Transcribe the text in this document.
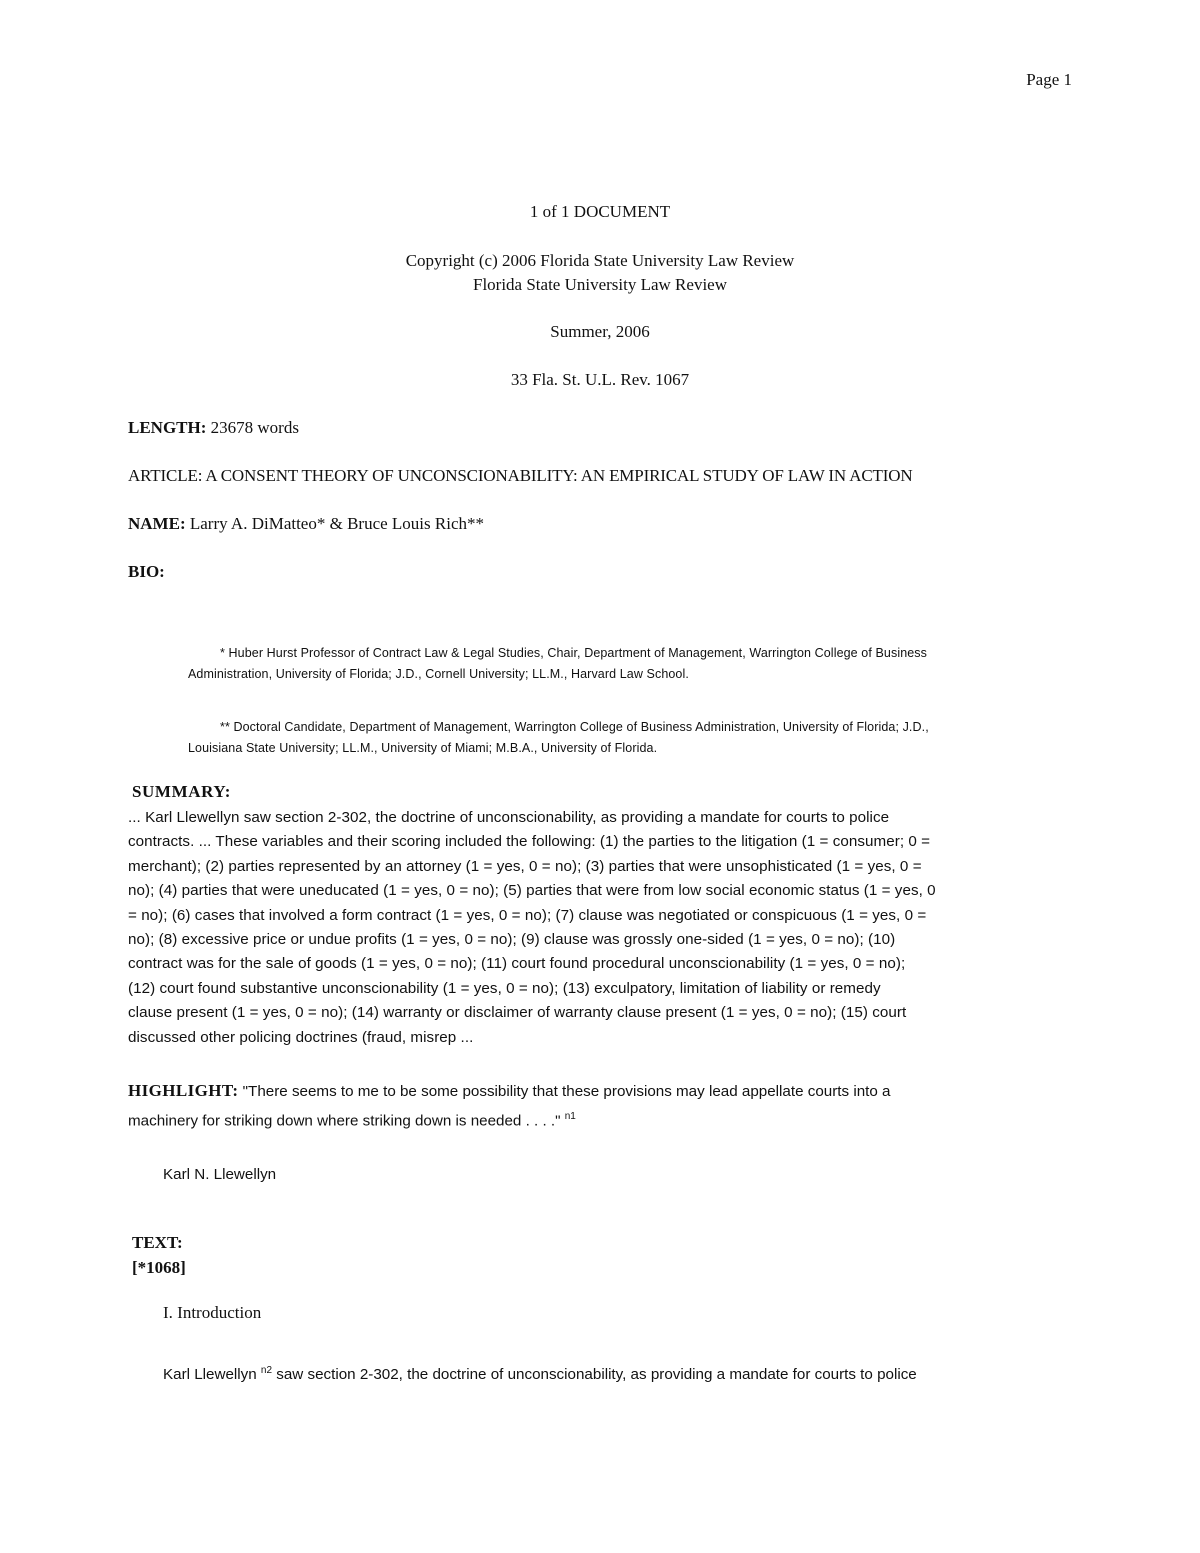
Page 1
1 of 1 DOCUMENT
Copyright (c) 2006 Florida State University Law Review
Florida State University Law Review
Summer, 2006
33 Fla. St. U.L. Rev. 1067
LENGTH: 23678 words
ARTICLE: A CONSENT THEORY OF UNCONSCIONABILITY: AN EMPIRICAL STUDY OF LAW IN ACTION
NAME: Larry A. DiMatteo* & Bruce Louis Rich**
BIO:
* Huber Hurst Professor of Contract Law & Legal Studies, Chair, Department of Management, Warrington College of Business
Administration, University of Florida; J.D., Cornell University; LL.M., Harvard Law School.
** Doctoral Candidate, Department of Management, Warrington College of Business Administration, University of Florida; J.D.,
Louisiana State University; LL.M., University of Miami; M.B.A., University of Florida.
SUMMARY:
... Karl Llewellyn saw section 2-302, the doctrine of unconscionability, as providing a mandate for courts to police
contracts. ... These variables and their scoring included the following: (1) the parties to the litigation (1 = consumer; 0 =
merchant); (2) parties represented by an attorney (1 = yes, 0 = no); (3) parties that were unsophisticated (1 = yes, 0 =
no); (4) parties that were uneducated (1 = yes, 0 = no); (5) parties that were from low social economic status (1 = yes, 0
= no); (6) cases that involved a form contract (1 = yes, 0 = no); (7) clause was negotiated or conspicuous (1 = yes, 0 =
no); (8) excessive price or undue profits (1 = yes, 0 = no); (9) clause was grossly one-sided (1 = yes, 0 = no); (10)
contract was for the sale of goods (1 = yes, 0 = no); (11) court found procedural unconscionability (1 = yes, 0 = no);
(12) court found substantive unconscionability (1 = yes, 0 = no); (13) exculpatory, limitation of liability or remedy
clause present (1 = yes, 0 = no); (14) warranty or disclaimer of warranty clause present (1 = yes, 0 = no); (15) court
discussed other policing doctrines (fraud, misrep ...
HIGHLIGHT: "There seems to me to be some possibility that these provisions may lead appellate courts into a
machinery for striking down where striking down is needed . . . ." $^{n1}$
Karl N. Llewellyn
TEXT:
[*1068]
I. Introduction
Karl Llewellyn $^{n2}$ saw section 2-302, the doctrine of unconscionability, as providing a mandate for courts to police
